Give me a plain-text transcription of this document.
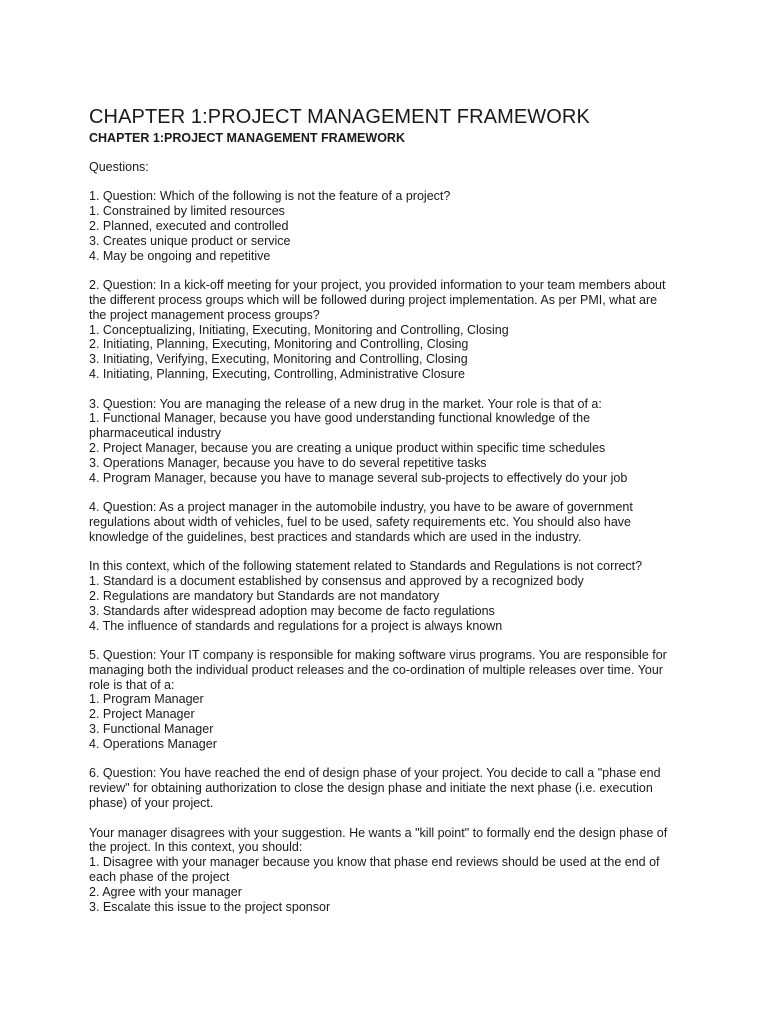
CHAPTER 1:PROJECT MANAGEMENT FRAMEWORK
CHAPTER 1:PROJECT MANAGEMENT FRAMEWORK

Questions:

1. Question: Which of the following is not the feature of a project?
1. Constrained by limited resources
2. Planned, executed and controlled
3. Creates unique product or service
4. May be ongoing and repetitive

2. Question: In a kick-off meeting for your project, you provided information to your team members about
the different process groups which will be followed during project implementation. As per PMI, what are
the project management process groups?
1. Conceptualizing, Initiating, Executing, Monitoring and Controlling, Closing
2. Initiating, Planning, Executing, Monitoring and Controlling, Closing
3. Initiating, Verifying, Executing, Monitoring and Controlling, Closing
4. Initiating, Planning, Executing, Controlling, Administrative Closure

3. Question: You are managing the release of a new drug in the market. Your role is that of a:
1. Functional Manager, because you have good understanding functional knowledge of the
pharmaceutical industry
2. Project Manager, because you are creating a unique product within specific time schedules
3. Operations Manager, because you have to do several repetitive tasks
4. Program Manager, because you have to manage several sub-projects to effectively do your job

4. Question: As a project manager in the automobile industry, you have to be aware of government
regulations about width of vehicles, fuel to be used, safety requirements etc. You should also have
knowledge of the guidelines, best practices and standards which are used in the industry.

In this context, which of the following statement related to Standards and Regulations is not correct?
1. Standard is a document established by consensus and approved by a recognized body
2. Regulations are mandatory but Standards are not mandatory
3. Standards after widespread adoption may become de facto regulations
4. The influence of standards and regulations for a project is always known

5. Question: Your IT company is responsible for making software virus programs. You are responsible for
managing both the individual product releases and the co-ordination of multiple releases over time. Your
role is that of a:
1. Program Manager
2. Project Manager
3. Functional Manager
4. Operations Manager

6. Question: You have reached the end of design phase of your project. You decide to call a "phase end
review" for obtaining authorization to close the design phase and initiate the next phase (i.e. execution
phase) of your project.

Your manager disagrees with your suggestion. He wants a "kill point" to formally end the design phase of
the project. In this context, you should:
1. Disagree with your manager because you know that phase end reviews should be used at the end of
each phase of the project
2. Agree with your manager
3. Escalate this issue to the project sponsor
